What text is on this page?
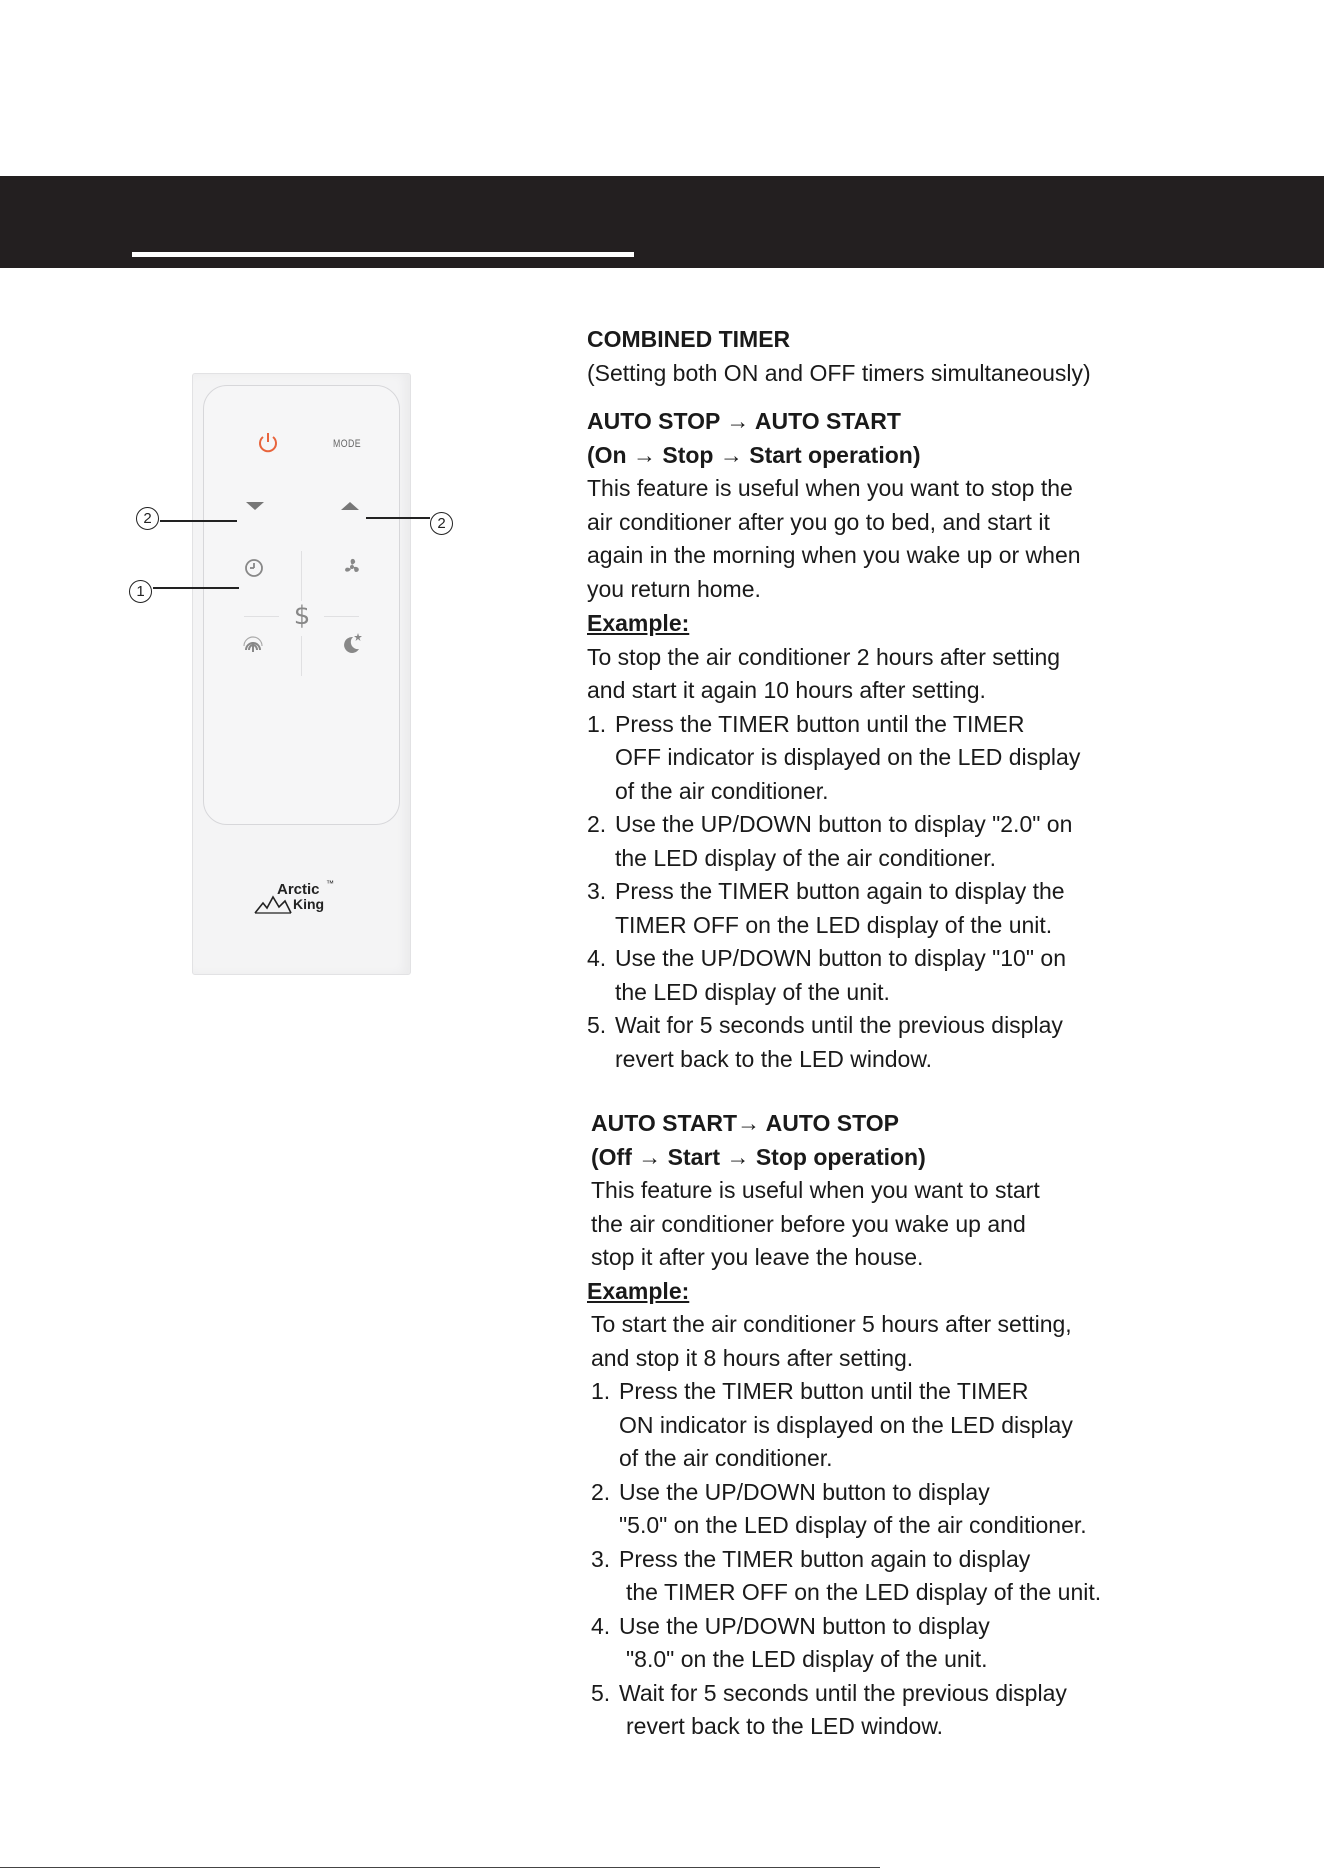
MODE
$
Arctic ™
King
2
1
2

COMBINED TIMER

(Setting both ON and OFF timers simultaneously)

AUTO STOP → AUTO START

(On → Stop → Start operation)

This feature is useful when you want to stop the

air conditioner after you go to bed, and start it

again in the morning when you wake up or when

you return home.

Example:

To stop the air conditioner 2 hours after setting

and start it again 10 hours after setting.

1. Press the TIMER button until the TIMER

OFF indicator is displayed on the LED display

of the air conditioner.

2. Use the UP/DOWN button to display "2.0" on

the LED display of the air conditioner.

3. Press the TIMER button again to display the

TIMER OFF on the LED display of the unit.

4. Use the UP/DOWN button to display "10" on

the LED display of the unit.

5. Wait for 5 seconds until the previous display

revert back to the LED window.

AUTO START→ AUTO STOP

(Off → Start → Stop operation)

This feature is useful when you want to start

the air conditioner before you wake up and

stop it after you leave the house.

Example:

To start the air conditioner 5 hours after setting,

and stop it 8 hours after setting.

1. Press the TIMER button until the TIMER

ON indicator is displayed on the LED display

of the air conditioner.

2. Use the UP/DOWN button to display

"5.0" on the LED display of the air conditioner.

3. Press the TIMER button again to display

the TIMER OFF on the LED display of the unit.

4. Use the UP/DOWN button to display

"8.0" on the LED display of the unit.

5. Wait for 5 seconds until the previous display

revert back to the LED window.
